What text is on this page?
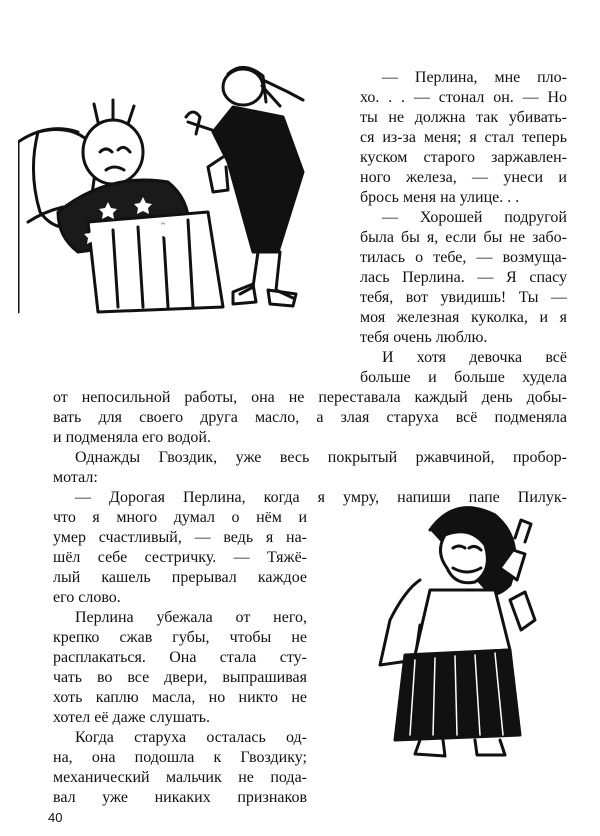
— Перлина, мне пло-
хо. . . — стонал он. — Но
ты не должна так убивать-
ся из-за меня; я стал теперь
куском старого заржавлен-
ного железа, — унеси и
брось меня на улице. . .
— Хорошей подругой
была бы я, если бы не забо-
тилась о тебе, — возмуща-
лась Перлина. — Я спасу
тебя, вот увидишь! Ты —
моя железная куколка, и я
тебя очень люблю.
И хотя девочка всё
больше и больше худела
от непосильной работы, она не переставала каждый день добы-
вать для своего друга масло, а злая старуха всё подменяла
и подменяла его водой.
Однажды Гвоздик, уже весь покрытый ржавчиной, пробор-
мотал:
— Дорогая Перлина, когда я умру, напиши папе Пилук-
что я много думал о нём и
умер счастливый, — ведь я на-
шёл себе сестричку. — Тяжё-
лый кашель прерывал каждое
его слово.
Перлина убежала от него,
крепко сжав губы, чтобы не
расплакаться. Она стала сту-
чать во все двери, выпрашивая
хоть каплю масла, но никто не
хотел её даже слушать.
Когда старуха осталась од-
на, она подошла к Гвоздику;
механический мальчик не пода-
вал уже никаких признаков
40
